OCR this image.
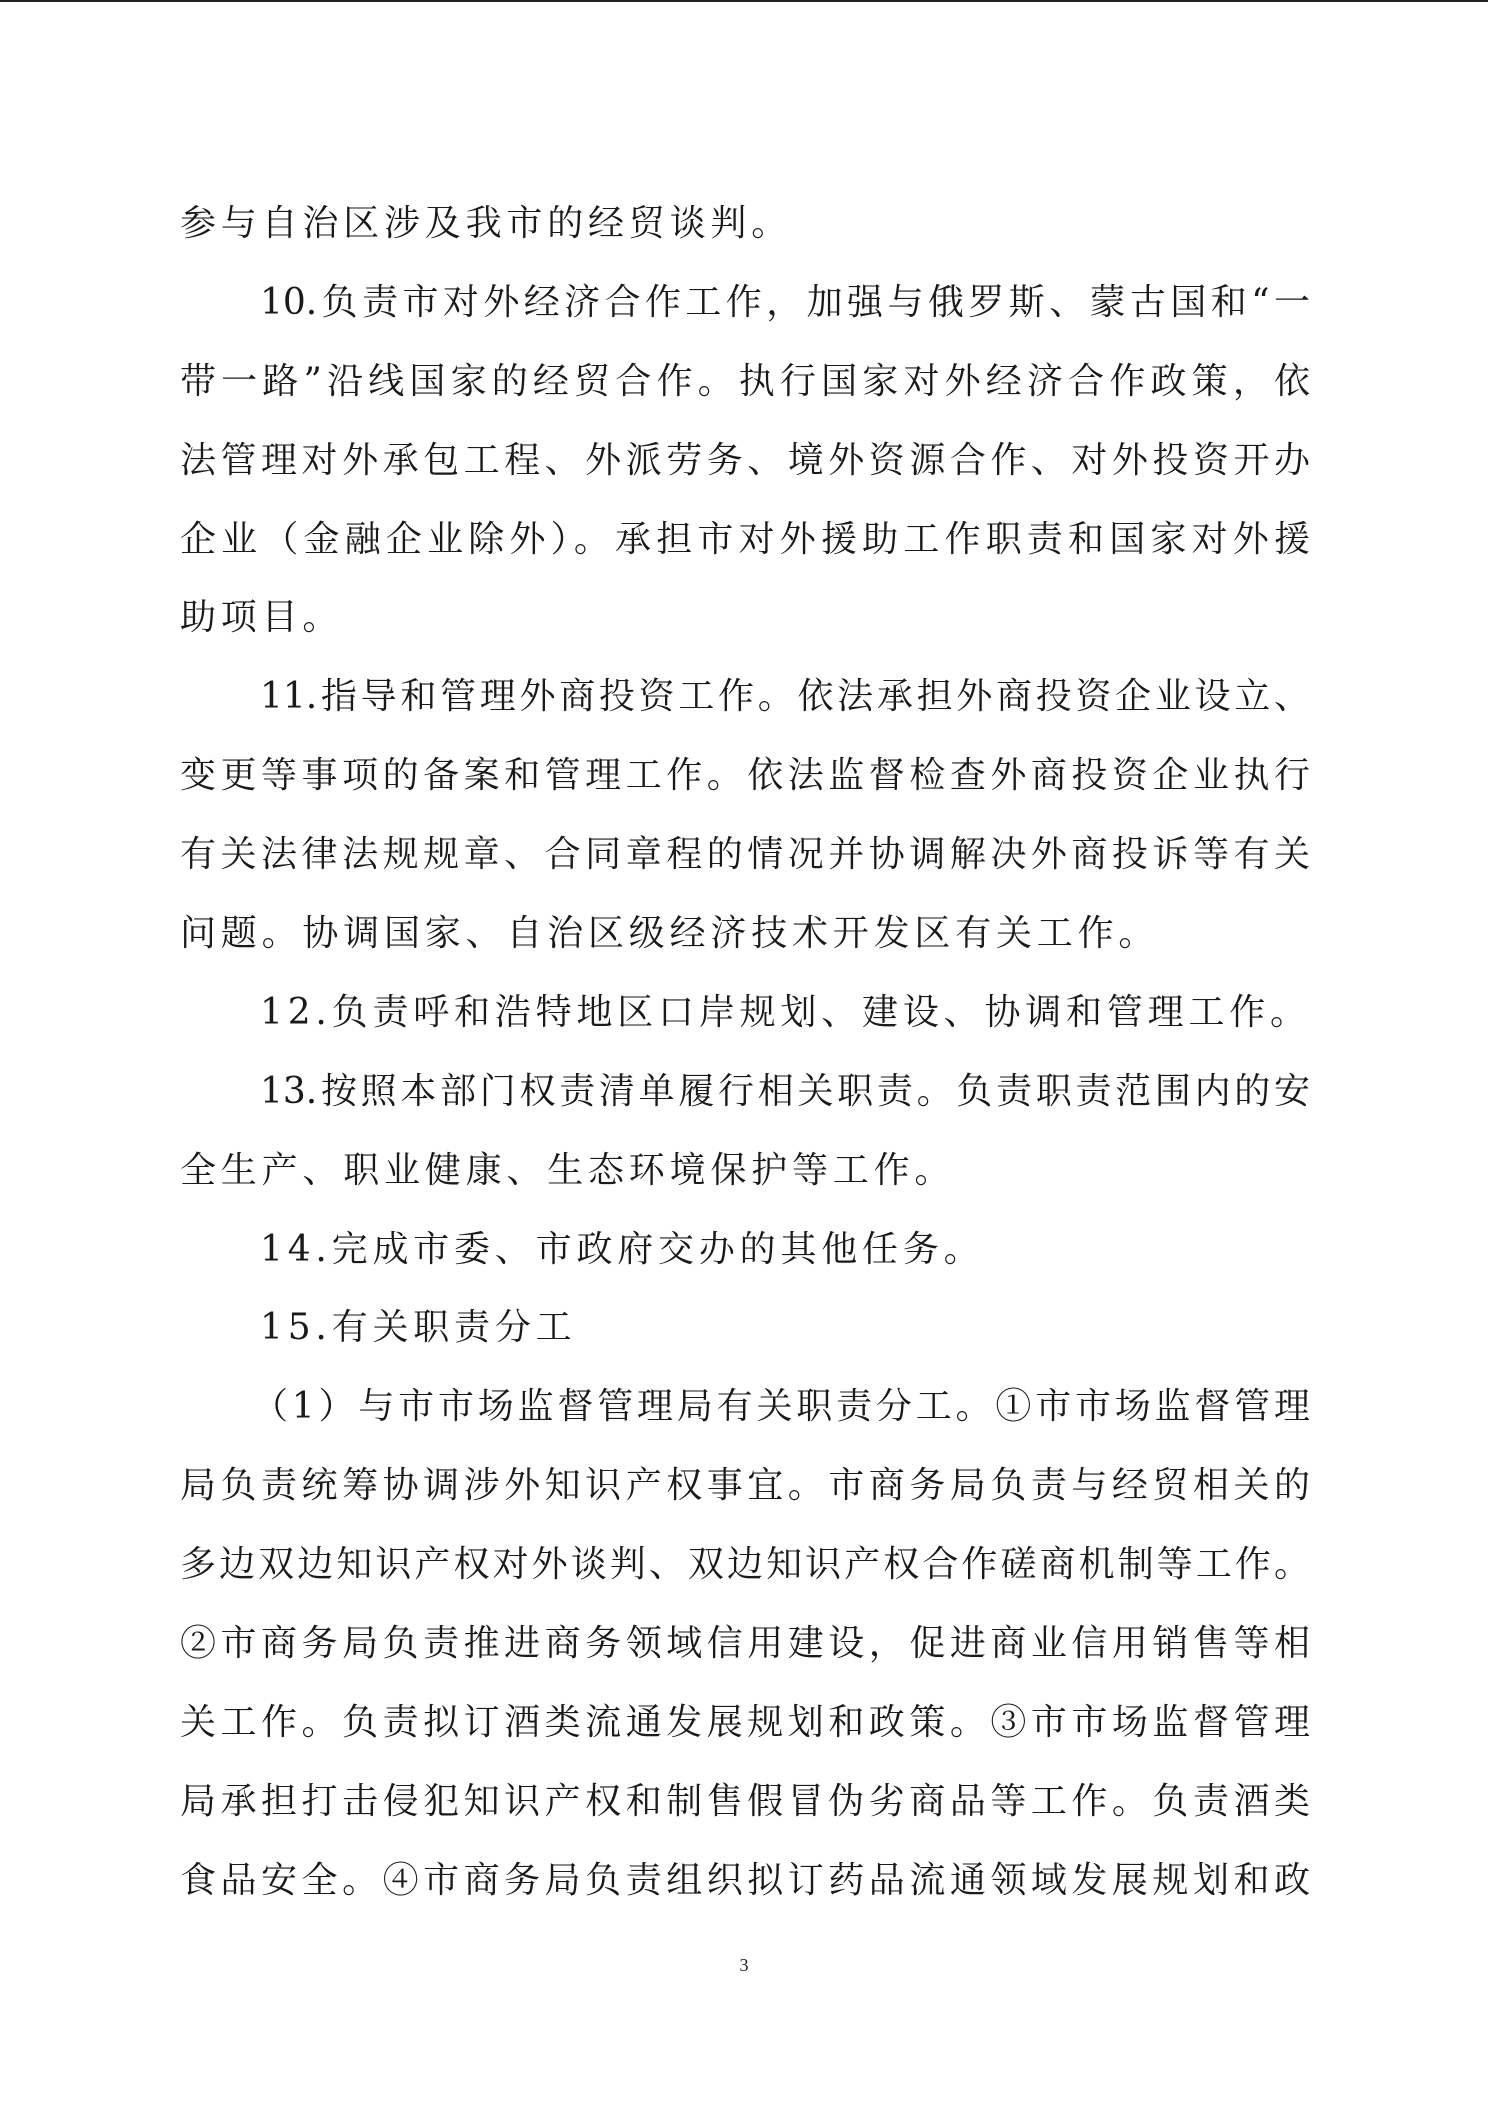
参与自治区涉及我市的经贸谈判。
10.负责市对外经济合作工作，加强与俄罗斯、蒙古国和“一
带一路”沿线国家的经贸合作。执行国家对外经济合作政策，依
法管理对外承包工程、外派劳务、境外资源合作、对外投资开办
企业（金融企业除外）。承担市对外援助工作职责和国家对外援
助项目。
11.指导和管理外商投资工作。依法承担外商投资企业设立、
变更等事项的备案和管理工作。依法监督检查外商投资企业执行
有关法律法规规章、合同章程的情况并协调解决外商投诉等有关
问题。协调国家、自治区级经济技术开发区有关工作。
12.负责呼和浩特地区口岸规划、建设、协调和管理工作。
13.按照本部门权责清单履行相关职责。负责职责范围内的安
全生产、职业健康、生态环境保护等工作。
14.完成市委、市政府交办的其他任务。
15.有关职责分工
（1）与市市场监督管理局有关职责分工。①市市场监督管理
局负责统筹协调涉外知识产权事宜。市商务局负责与经贸相关的
多边双边知识产权对外谈判、双边知识产权合作磋商机制等工作。
②市商务局负责推进商务领域信用建设，促进商业信用销售等相
关工作。负责拟订酒类流通发展规划和政策。③市市场监督管理
局承担打击侵犯知识产权和制售假冒伪劣商品等工作。负责酒类
食品安全。④市商务局负责组织拟订药品流通领域发展规划和政
3
